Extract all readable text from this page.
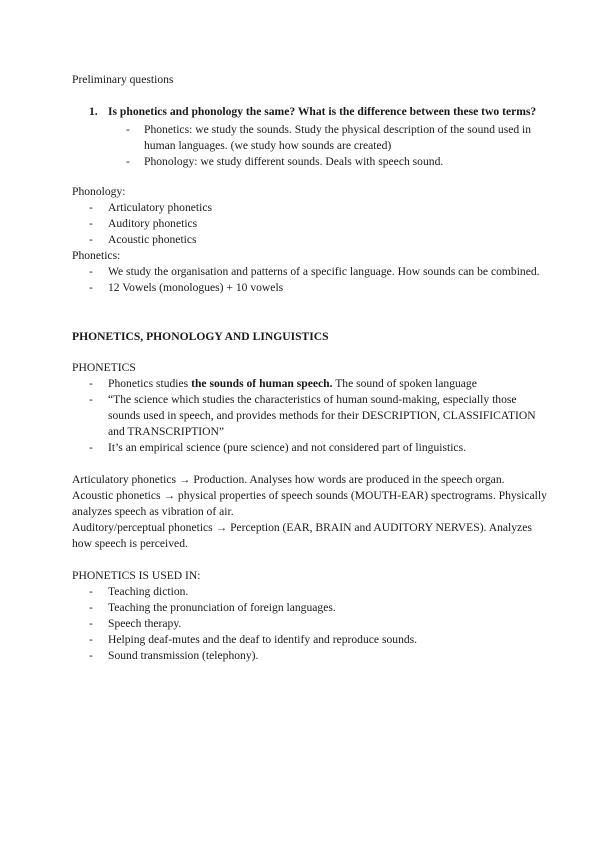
Preliminary questions
1. Is phonetics and phonology the same? What is the difference between these two terms?
- Phonetics: we study the sounds. Study the physical description of the sound used in human languages. (we study how sounds are created)
- Phonology: we study different sounds. Deals with speech sound.
Phonology:
- Articulatory phonetics
- Auditory phonetics
- Acoustic phonetics
Phonetics:
- We study the organisation and patterns of a specific language. How sounds can be combined.
- 12 Vowels (monologues) + 10 vowels
PHONETICS, PHONOLOGY AND LINGUISTICS
PHONETICS
- Phonetics studies the sounds of human speech. The sound of spoken language
- “The science which studies the characteristics of human sound-making, especially those sounds used in speech, and provides methods for their DESCRIPTION, CLASSIFICATION and TRANSCRIPTION”
- It’s an empirical science (pure science) and not considered part of linguistics.
Articulatory phonetics → Production. Analyses how words are produced in the speech organ.
Acoustic phonetics → physical properties of speech sounds (MOUTH-EAR) spectrograms. Physically analyzes speech as vibration of air.
Auditory/perceptual phonetics → Perception (EAR, BRAIN and AUDITORY NERVES). Analyzes how speech is perceived.
PHONETICS IS USED IN:
- Teaching diction.
- Teaching the pronunciation of foreign languages.
- Speech therapy.
- Helping deaf-mutes and the deaf to identify and reproduce sounds.
- Sound transmission (telephony).
